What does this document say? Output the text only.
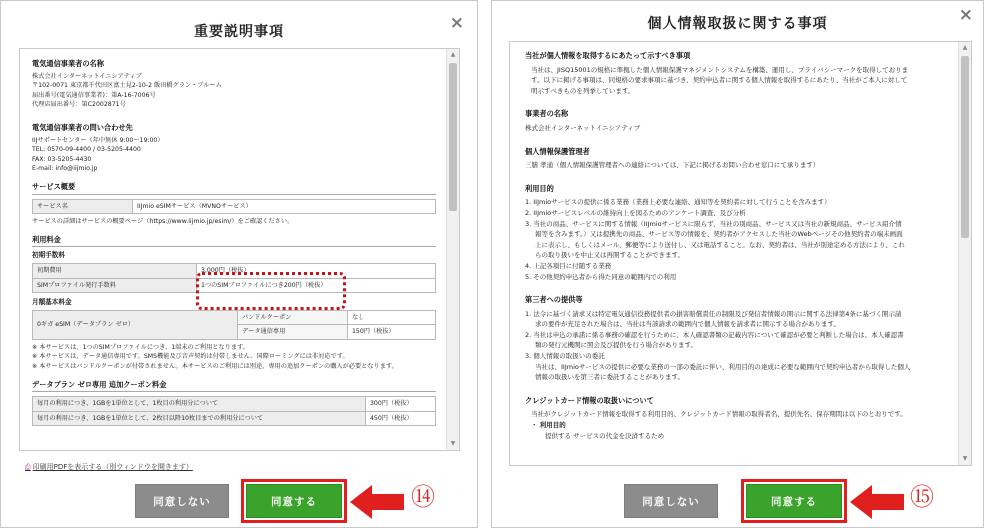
重要説明事項	×
電気通信事業者の名称
株式会社インターネットイニシアティブ
〒102-0071 東京都千代田区富士見2-10-2 飯田橋グラン・ブルーム
届出番号(電気通信事業者)：第A-16-7006号
代理店届出番号：第C2002871号
電気通信事業者の問い合わせ先
IIJサポートセンター（年中無休 9:00～19:00）
TEL: 0570-09-4400 / 03-5205-4400
FAX: 03-5205-4430
E-mail: info@iijmio.jp
サービス概要
サービス名	IIJmio eSIMサービス（MVNOサービス）
サービスの詳細はサービスの概要ページ（https://www.iijmio.jp/esim/）をご確認ください。
利用料金
初期手数料
初期費用	3,000円（税抜）
SIMプロファイル発行手数料	1つのSIMプロファイルにつき200円（税抜）
月額基本料金
0ギガ eSIM（データプラン ゼロ）	バンドルクーポン	なし
	データ通信専用	150円（税抜）
※ 本サービスは、1つのSIMプロファイルにつき、1端末のご利用となります。
※ 本サービスは、データ通信専用です。SMS機能及び音声契約は付帯しません。国際ローミングには非対応です。
※ 本サービスはバンドルクーポンが付帯されません。本サービスのご利用には別途、専用の追加クーポンの購入が必要となります。
データプラン ゼロ専用 追加クーポン料金
毎月の利用につき、1GBを1単位として、1枚目の利用分について	300円（税抜）
毎月の利用につき、1GBを1単位として、2枚目以降10枚目までの利用分について	450円（税抜）
▲
▼
⎙ 印刷用PDFを表示する（別ウィンドウを開きます）
同意しない	同意する	⑭
個人情報取扱に関する事項	×
当社が個人情報を取得するにあたって示すべき事項
当社は、JISQ15001の規格に準拠した個人情報保護マネジメントシステムを構築、運用し、プライバシーマークを取得しておりま
す。以下に掲げる事項は、同規格の要求事項に基づき、契約申込者に関する個人情報を取得するにあたり、当社がご本人に対して
明示すべきものを列挙しています。
事業者の名称
株式会社インターネットイニシアティブ
個人情報保護管理者
三膳 孝通（個人情報保護管理者への連絡については、下記に掲げるお問い合わせ窓口にて承ります）
利用目的
1. IIJmioサービスの提供に係る業務（業務上必要な連絡、通知等を契約者に対して行うことを含みます）
2. IIJmioサービスレベルの維持向上を図るためのアンケート調査、及び分析
3. 当社の商品、サービスに関する情報（IIJmioサービスに限らず、当社の別商品、サービス又は当社の新規商品、サービス紹介情
報等を含みます。）又は提携先の商品、サービス等の情報を、契約者がアクセスした当社のWebページその他契約者の端末画面
上に表示し、もしくはメール、郵便等により送付し、又は電話すること。なお、契約者は、当社が別途定める方法により、これ
らの取り扱いを中止又は再開することができます。
4. 上記各項目に付随する業務
5. その他契約申込者から得た同意の範囲内での利用
第三者への提供等
1. 法令に基づく請求又は特定電気通信役務提供者の損害賠償責任の制限及び発信者情報の開示に関する法律第4条に基づく開示請
求の要件が充足された場合は、当社は当該請求の範囲内で個人情報を請求者に開示する場合があります。
2. 当社は申込の承諾に係る事務の確認を行うために、本人確認書類の記載内容について確認が必要と判断した場合は、本人確認書
類の発行元機関に照会及び提供を行う場合があります。
3. 個人情報の取扱いの委託
当社は、IIJmioサービスの提供に必要な業務の一部の委託に伴い、利用目的の達成に必要な範囲内で契約申込者から取得した個人
情報の取扱いを第三者に委託することがあります。
クレジットカード情報の取扱いについて
当社がクレジットカード情報を取得する利用目的、クレジットカード情報の取得者名、提供先名、保存期間は以下のとおりです。
・ 利用目的
提供する サービスの代金を決済するため
▲
▼
同意しない	同意する	⑮
